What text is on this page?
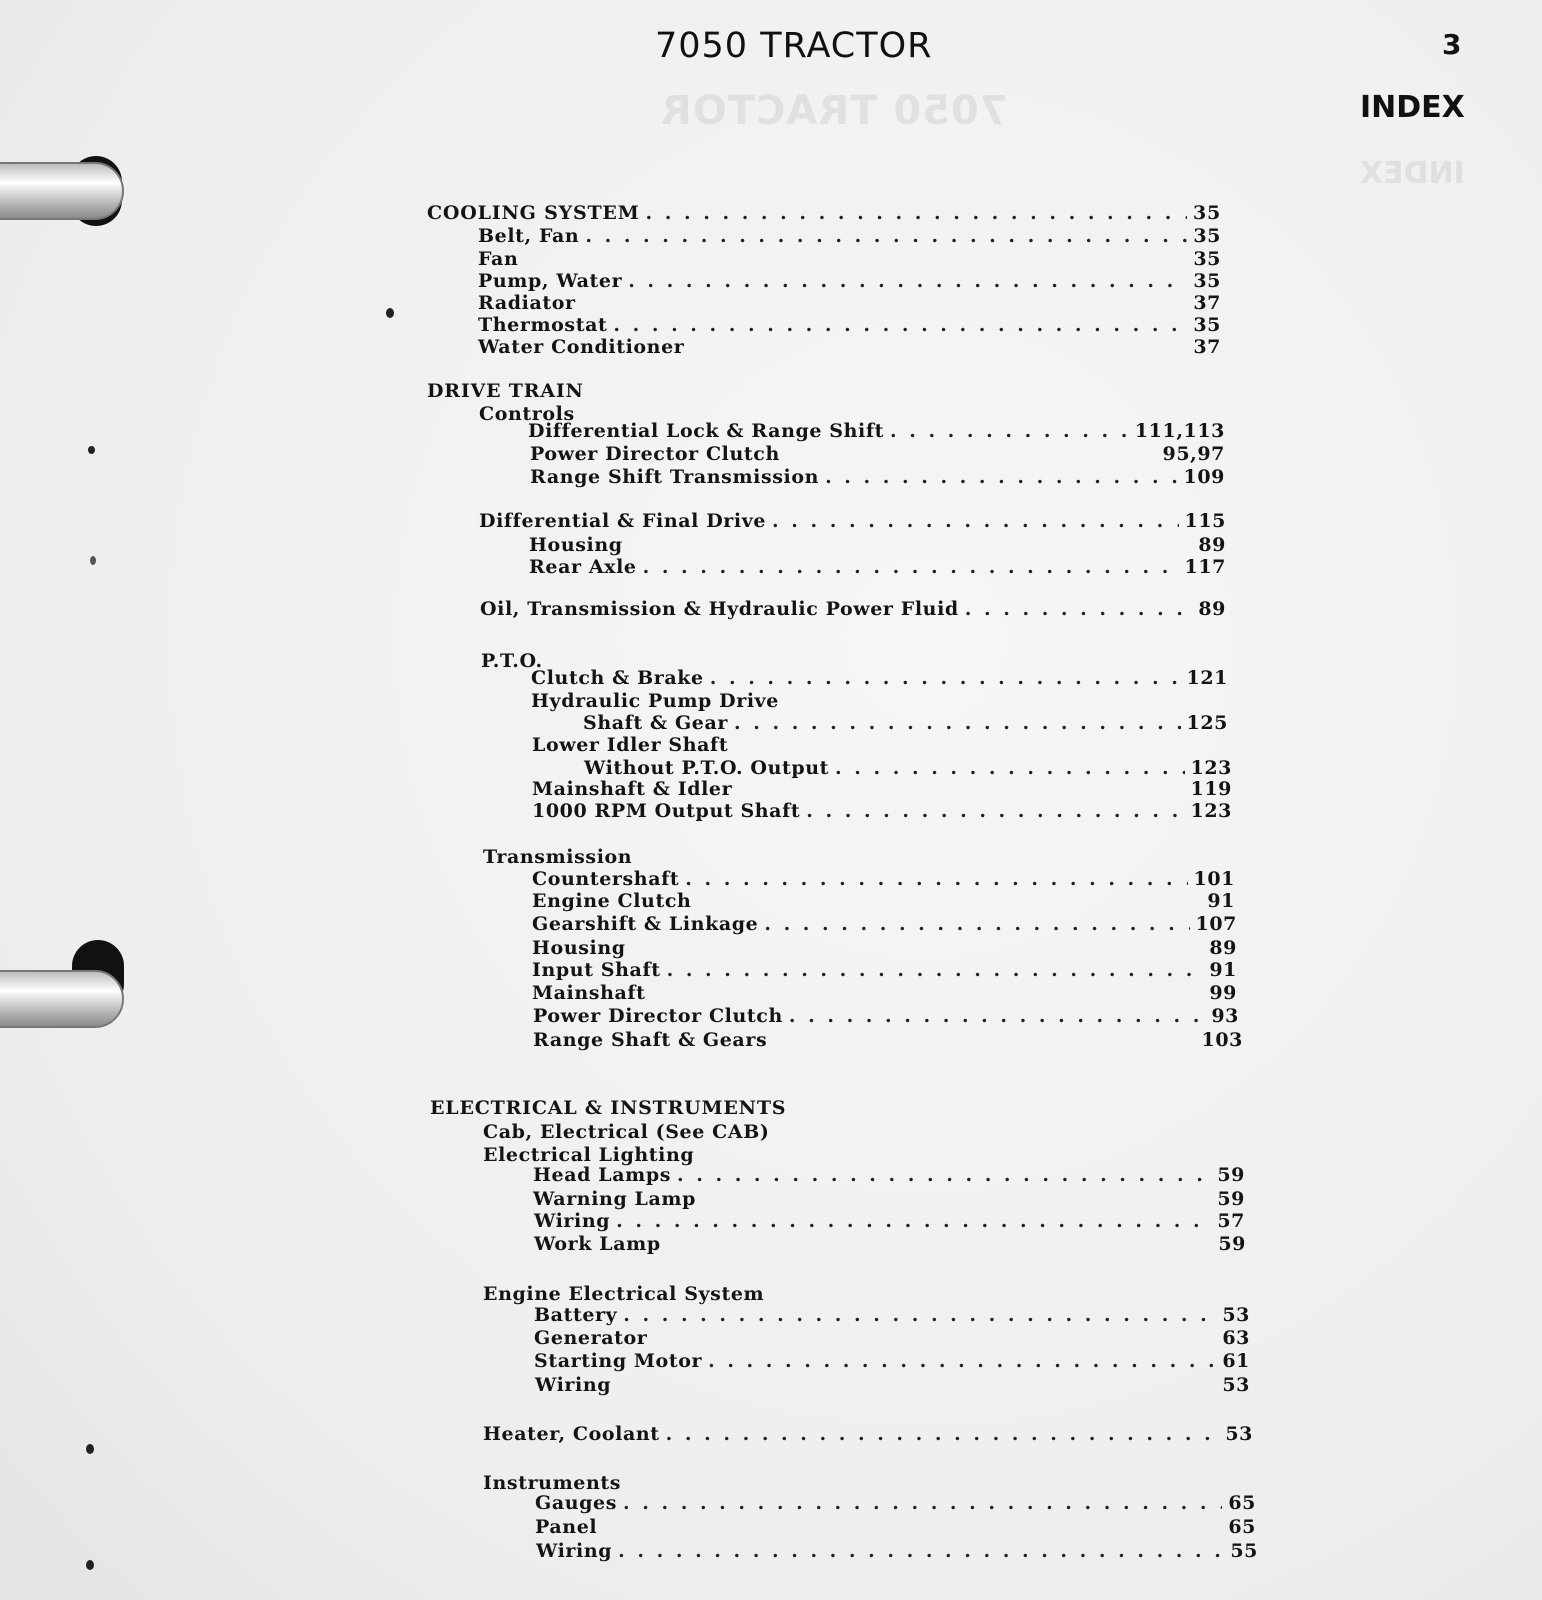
7050 TRACTOR
INDEX
7050 TRACTOR	3
INDEX
COOLING SYSTEM . . .	35
Belt, Fan . . .	35
Fan	35
Pump, Water . . .	35
Radiator	37
Thermostat . . .	35
Water Conditioner	37
DRIVE TRAIN
Controls
Differential Lock & Range Shift . . .	111,113
Power Director Clutch	95,97
Range Shift Transmission . . .	109
Differential & Final Drive . . .	115
Housing	89
Rear Axle . . .	117
Oil, Transmission & Hydraulic Power Fluid . . .	89
P.T.O.
Clutch & Brake . . .	121
Hydraulic Pump Drive
Shaft & Gear . . .	125
Lower Idler Shaft
Without P.T.O. Output . . .	123
Mainshaft & Idler	119
1000 RPM Output Shaft . . .	123
Transmission
Countershaft . . .	101
Engine Clutch	91
Gearshift & Linkage . . .	107
Housing	89
Input Shaft . . .	91
Mainshaft	99
Power Director Clutch . . .	93
Range Shaft & Gears	103
ELECTRICAL & INSTRUMENTS
Cab, Electrical (See CAB)
Electrical Lighting
Head Lamps . . .	59
Warning Lamp	59
Wiring . . .	57
Work Lamp	59
Engine Electrical System
Battery . . .	53
Generator	63
Starting Motor . . .	61
Wiring	53
Heater, Coolant . . .	53
Instruments
Gauges . . .	65
Panel	65
Wiring . . .	55
